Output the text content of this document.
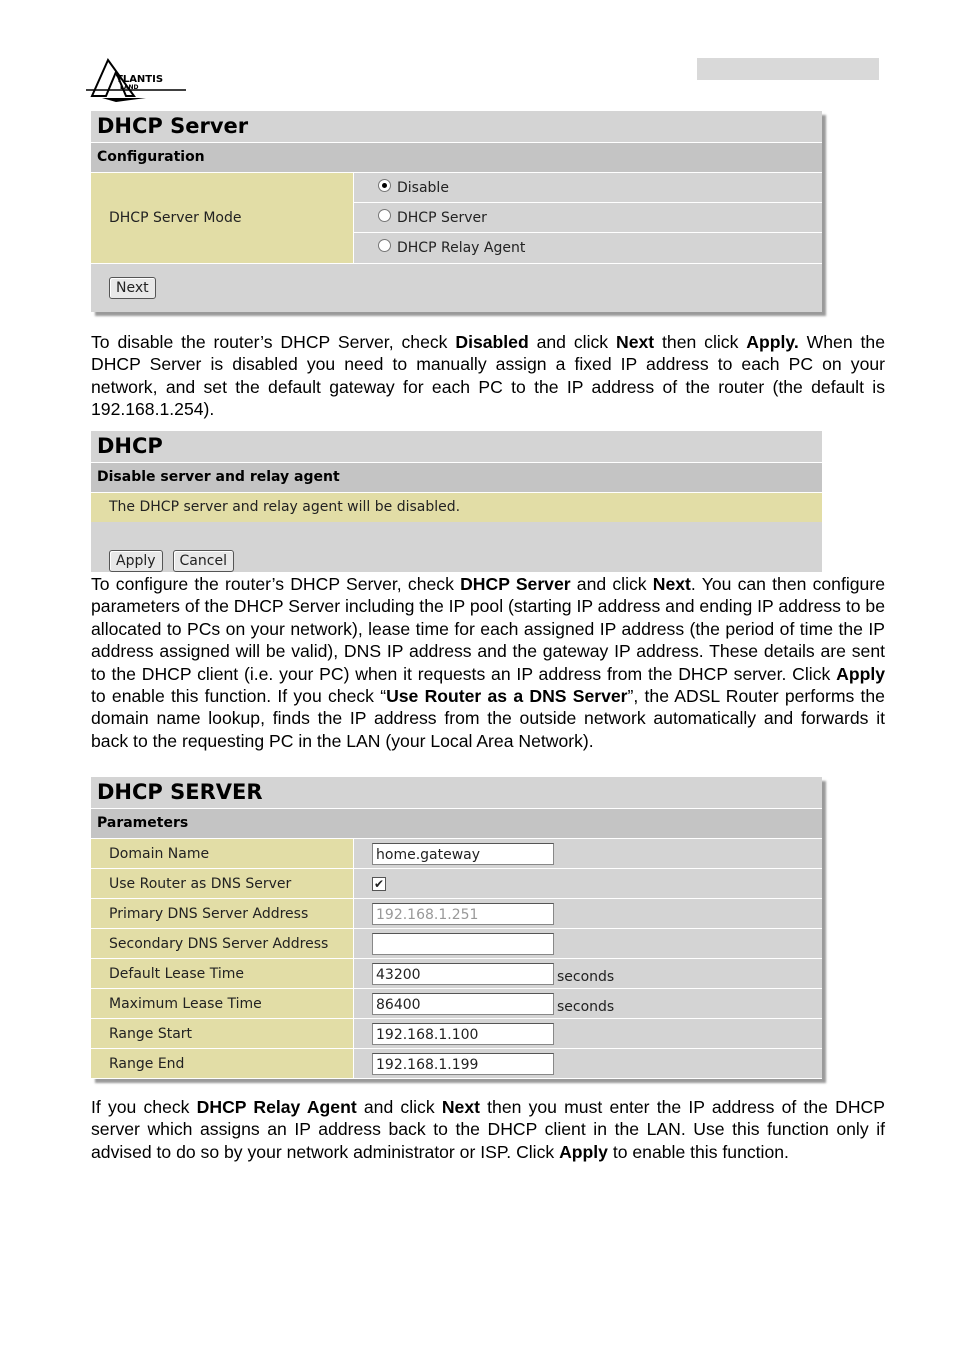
TLANTIS
LAND
DHCP Server
Configuration
DHCP Server Mode
Disable
DHCP Server
DHCP Relay Agent
Next
To disable the router’s DHCP Server, check Disabled and click Next then click Apply. When the DHCP Server is disabled you need to manually assign a fixed IP address to each PC on your network, and set the default gateway for each PC to the IP address of the router (the default is 192.168.1.254).
DHCP
Disable server and relay agent
The DHCP server and relay agent will be disabled.
Apply	Cancel
To configure the router’s DHCP Server, check DHCP Server and click Next. You can then configure parameters of the DHCP Server including the IP pool (starting IP address and ending IP address to be allocated to PCs on your network), lease time for each assigned IP address (the period of time the IP address assigned will be valid), DNS IP address and the gateway IP address. These details are sent to the DHCP client (i.e. your PC) when it requests an IP address from the DHCP server. Click Apply to enable this function. If you check “Use Router as a DNS Server”, the ADSL Router performs the domain name lookup, finds the IP address from the outside network automatically and forwards it back to the requesting PC in the LAN (your Local Area Network).
DHCP SERVER
Parameters
Domain Name	home.gateway
Use Router as DNS Server	✔
Primary DNS Server Address	192.168.1.251
Secondary DNS Server Address
Default Lease Time	43200	seconds
Maximum Lease Time	86400	seconds
Range Start	192.168.1.100
Range End	192.168.1.199
If you check DHCP Relay Agent and click Next then you must enter the IP address of the DHCP server which assigns an IP address back to the DHCP client in the LAN. Use this function only if advised to do so by your network administrator or ISP. Click Apply to enable this function.
